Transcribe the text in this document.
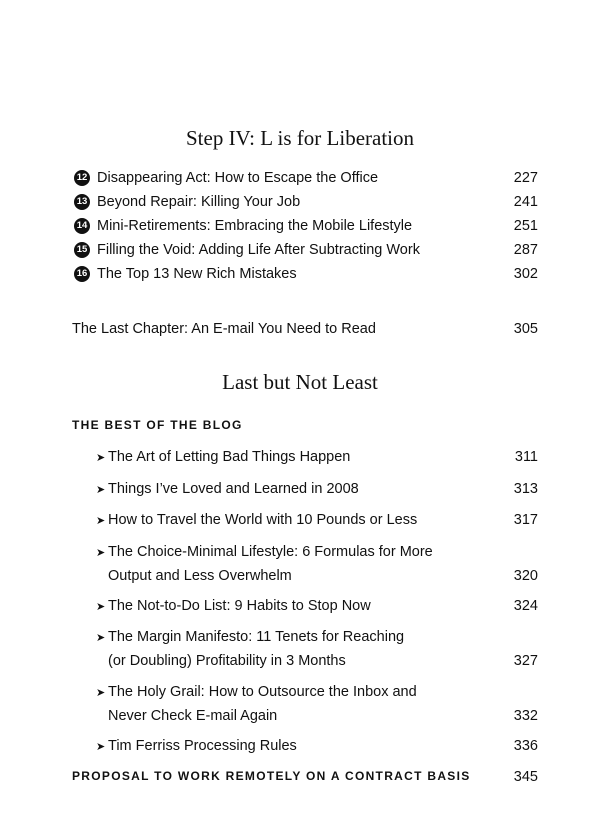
Step IV: L is for Liberation
12 Disappearing Act: How to Escape the Office	227
13 Beyond Repair: Killing Your Job	241
14 Mini-Retirements: Embracing the Mobile Lifestyle	251
15 Filling the Void: Adding Life After Subtracting Work	287
16 The Top 13 New Rich Mistakes	302
The Last Chapter: An E-mail You Need to Read	305
Last but Not Least
THE BEST OF THE BLOG
➤ The Art of Letting Bad Things Happen	311
➤ Things I’ve Loved and Learned in 2008	313
➤ How to Travel the World with 10 Pounds or Less	317
➤ The Choice-Minimal Lifestyle: 6 Formulas for More
Output and Less Overwhelm	320
➤ The Not-to-Do List: 9 Habits to Stop Now	324
➤ The Margin Manifesto: 11 Tenets for Reaching
(or Doubling) Profitability in 3 Months	327
➤ The Holy Grail: How to Outsource the Inbox and
Never Check E-mail Again	332
➤ Tim Ferriss Processing Rules	336
PROPOSAL TO WORK REMOTELY ON A CONTRACT BASIS	345
